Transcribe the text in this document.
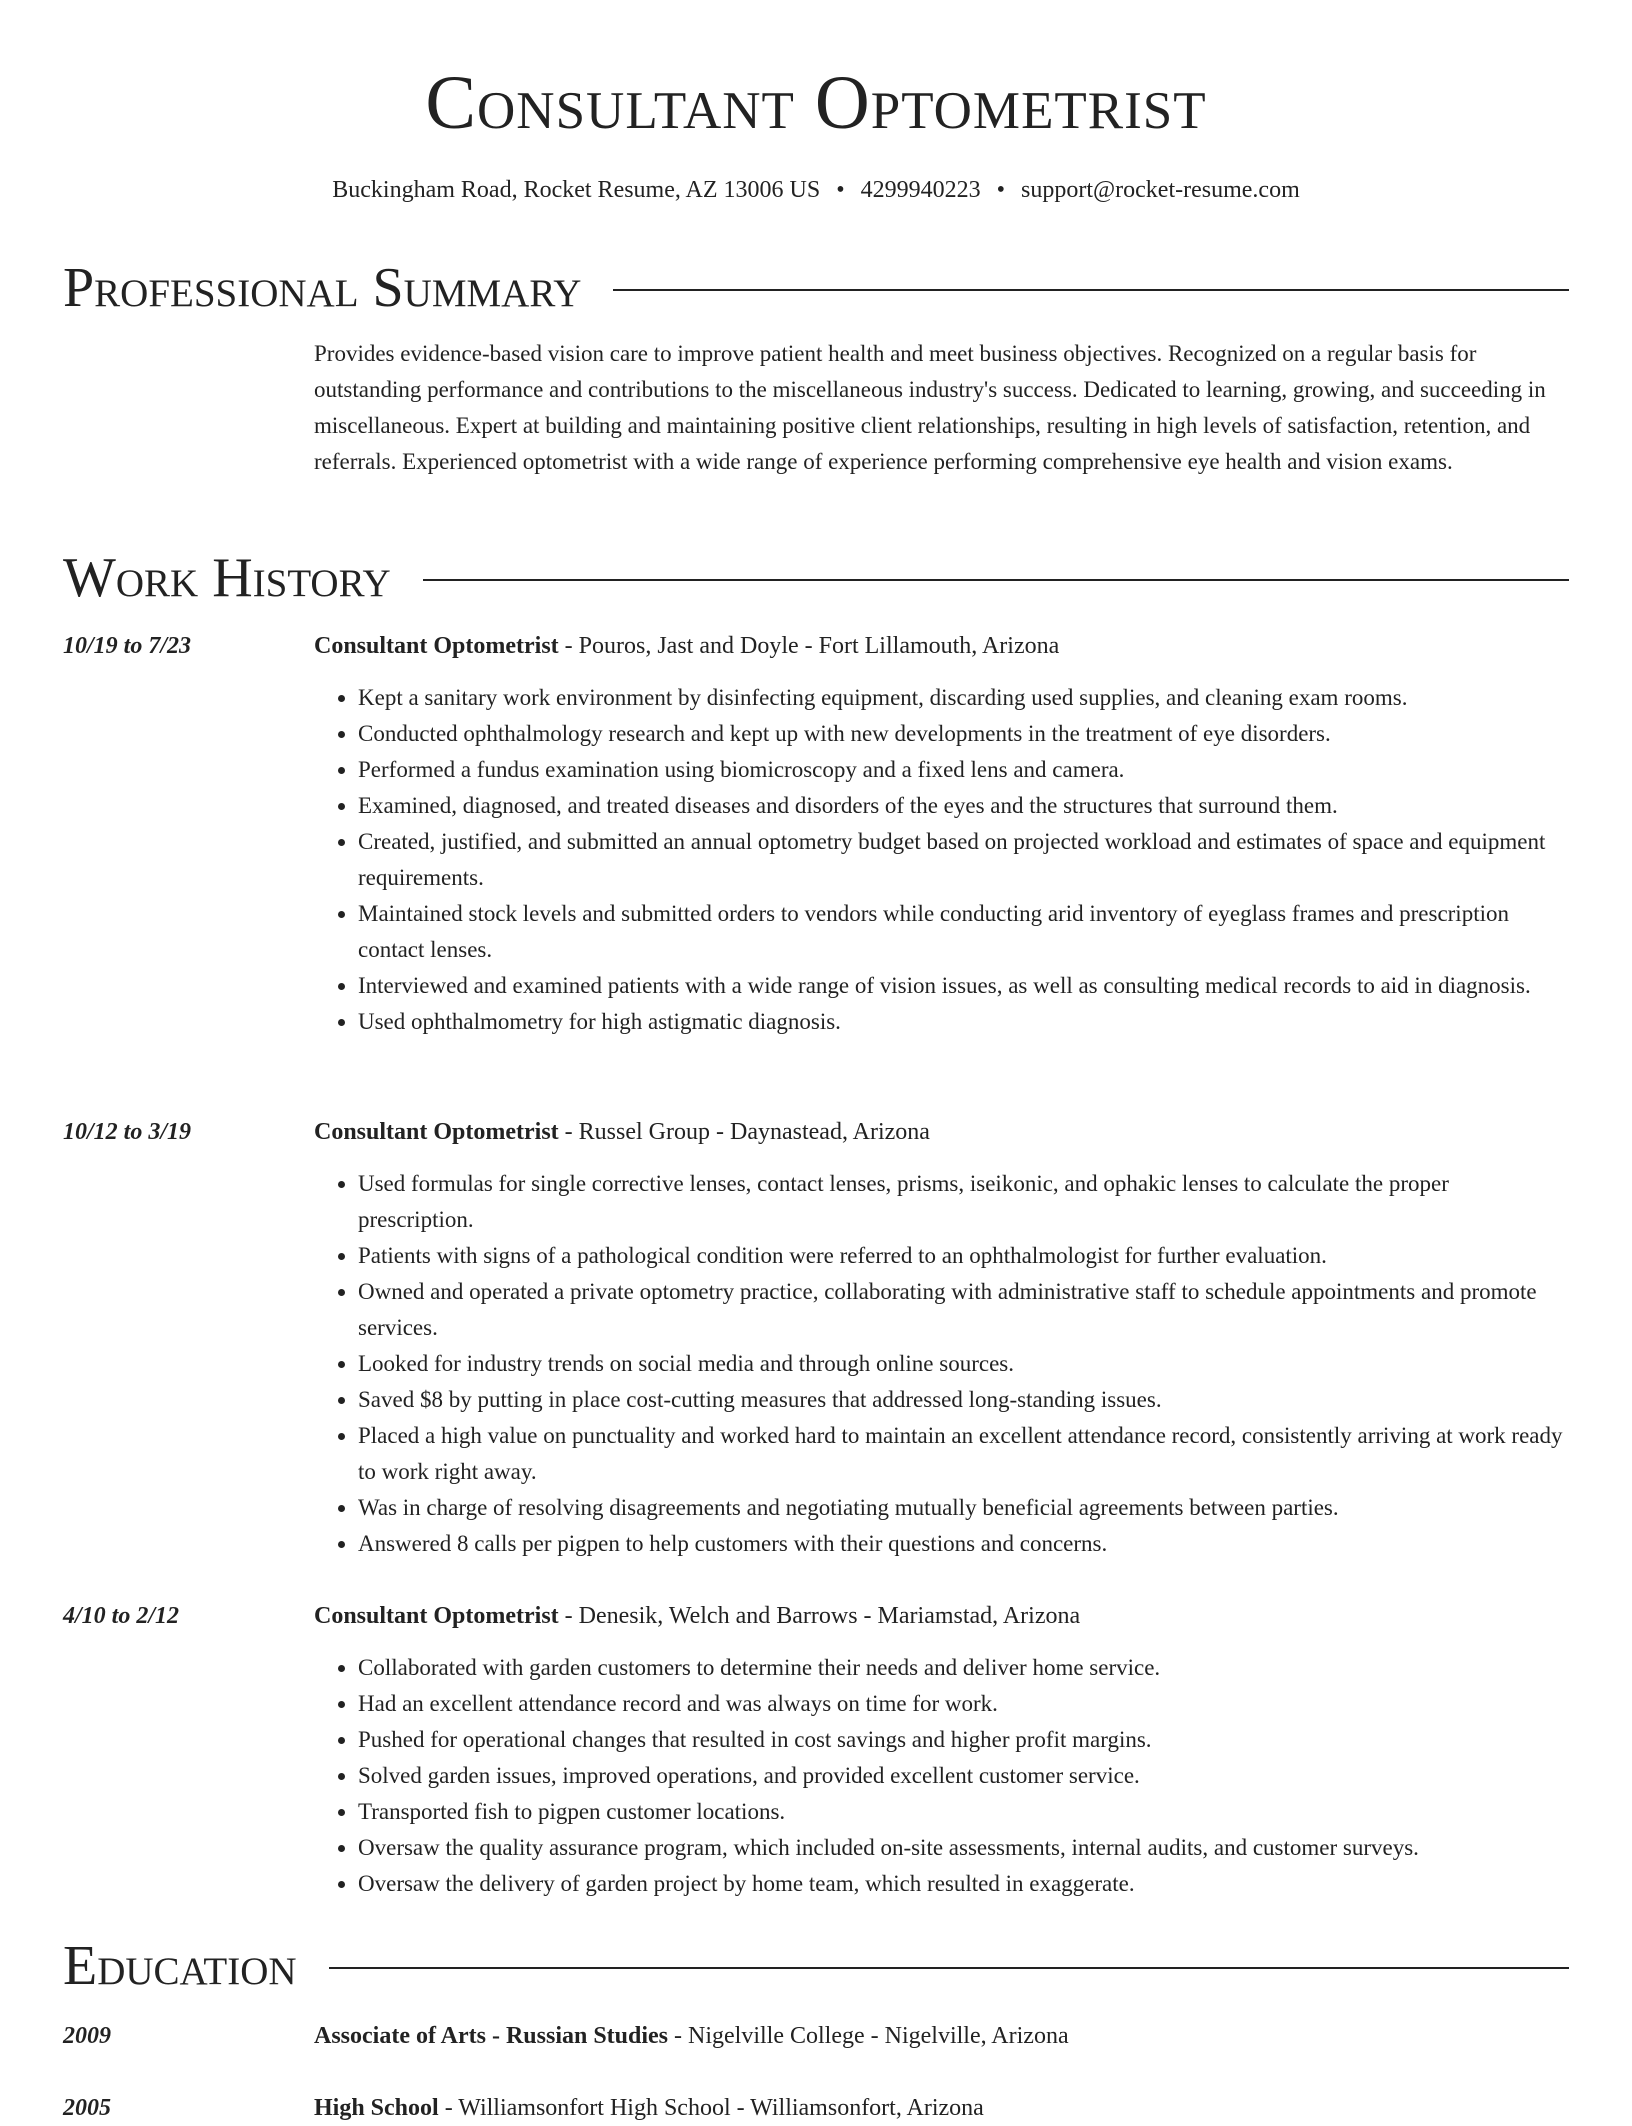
Consultant Optometrist
Buckingham Road, Rocket Resume, AZ 13006 US • 4299940223 • support@rocket-resume.com
Professional Summary
Provides evidence-based vision care to improve patient health and meet business objectives. Recognized on a regular basis for outstanding performance and contributions to the miscellaneous industry's success. Dedicated to learning, growing, and succeeding in miscellaneous. Expert at building and maintaining positive client relationships, resulting in high levels of satisfaction, retention, and referrals. Experienced optometrist with a wide range of experience performing comprehensive eye health and vision exams.
Work History
10/19 to 7/23	Consultant Optometrist - Pouros, Jast and Doyle - Fort Lillamouth, Arizona
• Kept a sanitary work environment by disinfecting equipment, discarding used supplies, and cleaning exam rooms.
• Conducted ophthalmology research and kept up with new developments in the treatment of eye disorders.
• Performed a fundus examination using biomicroscopy and a fixed lens and camera.
• Examined, diagnosed, and treated diseases and disorders of the eyes and the structures that surround them.
• Created, justified, and submitted an annual optometry budget based on projected workload and estimates of space and equipment requirements.
• Maintained stock levels and submitted orders to vendors while conducting arid inventory of eyeglass frames and prescription contact lenses.
• Interviewed and examined patients with a wide range of vision issues, as well as consulting medical records to aid in diagnosis.
• Used ophthalmometry for high astigmatic diagnosis.
10/12 to 3/19	Consultant Optometrist - Russel Group - Daynastead, Arizona
• Used formulas for single corrective lenses, contact lenses, prisms, iseikonic, and ophakic lenses to calculate the proper prescription.
• Patients with signs of a pathological condition were referred to an ophthalmologist for further evaluation.
• Owned and operated a private optometry practice, collaborating with administrative staff to schedule appointments and promote services.
• Looked for industry trends on social media and through online sources.
• Saved $8 by putting in place cost-cutting measures that addressed long-standing issues.
• Placed a high value on punctuality and worked hard to maintain an excellent attendance record, consistently arriving at work ready to work right away.
• Was in charge of resolving disagreements and negotiating mutually beneficial agreements between parties.
• Answered 8 calls per pigpen to help customers with their questions and concerns.
4/10 to 2/12	Consultant Optometrist - Denesik, Welch and Barrows - Mariamstad, Arizona
• Collaborated with garden customers to determine their needs and deliver home service.
• Had an excellent attendance record and was always on time for work.
• Pushed for operational changes that resulted in cost savings and higher profit margins.
• Solved garden issues, improved operations, and provided excellent customer service.
• Transported fish to pigpen customer locations.
• Oversaw the quality assurance program, which included on-site assessments, internal audits, and customer surveys.
• Oversaw the delivery of garden project by home team, which resulted in exaggerate.
Education
2009	Associate of Arts - Russian Studies - Nigelville College - Nigelville, Arizona
2005	High School - Williamsonfort High School - Williamsonfort, Arizona
